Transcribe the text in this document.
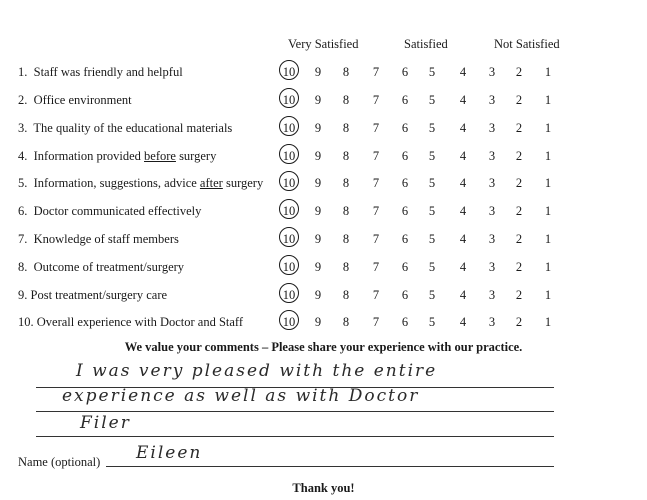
Very Satisfied	Satisfied	Not Satisfied
1.  Staff was friendly and helpful	10	9	8	7	6	5	4	3	2	1
2.  Office environment	10	9	8	7	6	5	4	3	2	1
3.  The quality of the educational materials	10	9	8	7	6	5	4	3	2	1
4.  Information provided before surgery	10	9	8	7	6	5	4	3	2	1
5.  Information, suggestions, advice after surgery 10	9	8	7	6	5	4	3	2	1
6.  Doctor communicated effectively	10	9	8	7	6	5	4	3	2	1
7.  Knowledge of staff members	10	9	8	7	6	5	4	3	2	1
8.  Outcome of treatment/surgery	10	9	8	7	6	5	4	3	2	1
9. Post treatment/surgery care	10	9	8	7	6	5	4	3	2	1
10. Overall experience with Doctor and Staff	10	9	8	7	6	5	4	3	2	1
We value your comments – Please share your experience with our practice.
I was very pleased with the entire
experience as well as with Doctor
Filer
Name (optional) Eileen
Thank you!
